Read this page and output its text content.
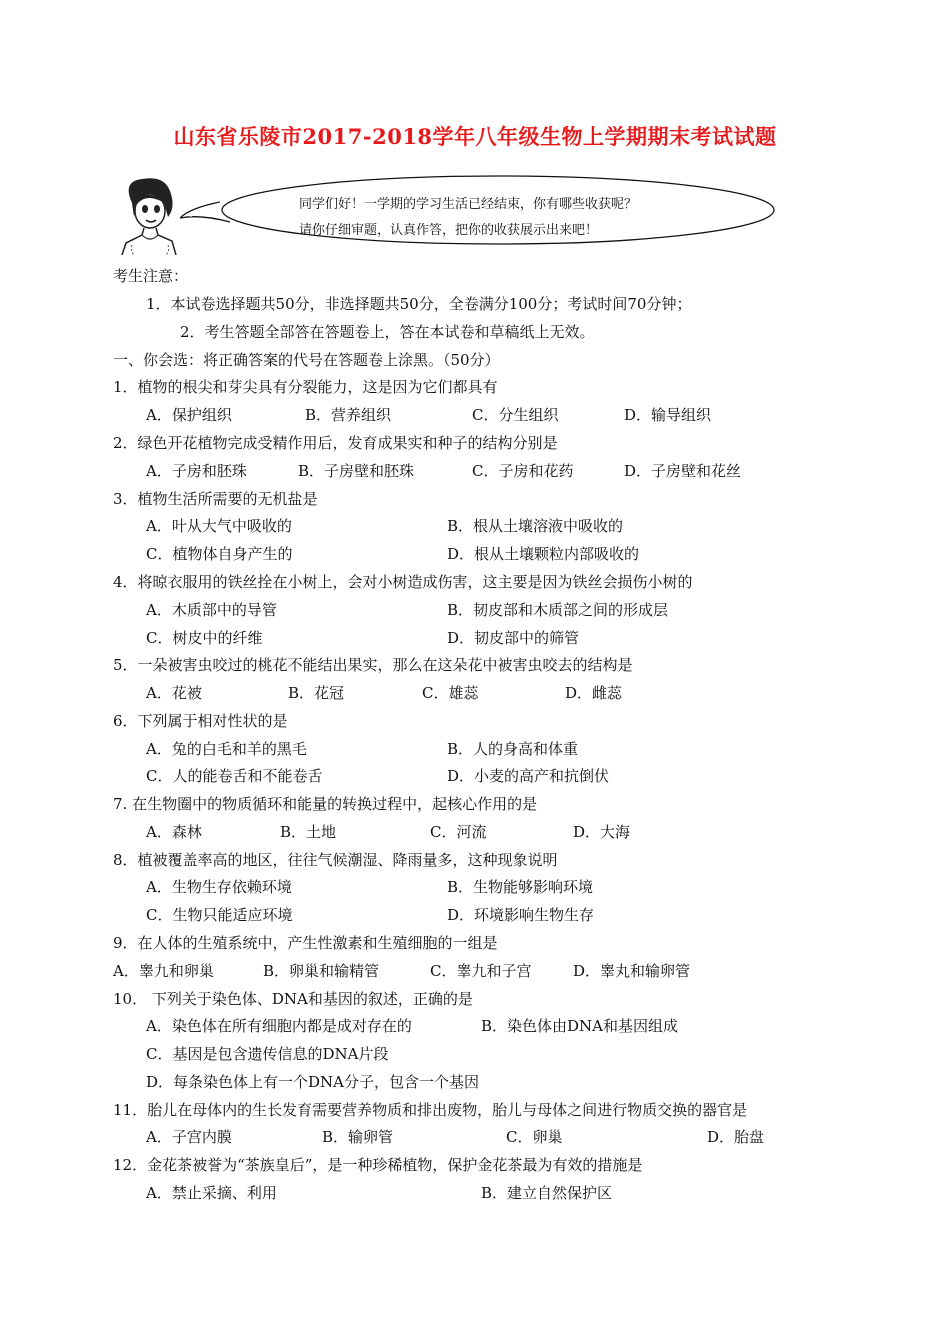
山东省乐陵市2017-2018学年八年级生物上学期期末考试试题
同学们好！一学期的学习生活已经结束，你有哪些收获呢？
请你仔细审题，认真作答，把你的收获展示出来吧！
考生注意：
1．本试卷选择题共50分，非选择题共50分，全卷满分100分；考试时间70分钟；
2．考生答题全部答在答题卷上，答在本试卷和草稿纸上无效。
一、你会选：将正确答案的代号在答题卷上涂黑。（50分）
1．植物的根尖和芽尖具有分裂能力，这是因为它们都具有
A．保护组织	B．营养组织	C．分生组织	D．输导组织
2．绿色开花植物完成受精作用后，发育成果实和种子的结构分别是
A．子房和胚珠	B．子房壁和胚珠	C．子房和花药	D．子房壁和花丝
3．植物生活所需要的无机盐是
A．叶从大气中吸收的	B．根从土壤溶液中吸收的
C．植物体自身产生的	D．根从土壤颗粒内部吸收的
4．将晾衣服用的铁丝拴在小树上，会对小树造成伤害，这主要是因为铁丝会损伤小树的
A．木质部中的导管	B．韧皮部和木质部之间的形成层
C．树皮中的纤维	D．韧皮部中的筛管
5．一朵被害虫咬过的桃花不能结出果实，那么在这朵花中被害虫咬去的结构是
A．花被	B．花冠	C．雄蕊	D．雌蕊
6．下列属于相对性状的是
A．兔的白毛和羊的黑毛	B．人的身高和体重
C．人的能卷舌和不能卷舌	D．小麦的高产和抗倒伏
7. 在生物圈中的物质循环和能量的转换过程中，起核心作用的是
A．森林	B．土地	C．河流	D．大海
8．植被覆盖率高的地区，往往气候潮湿、降雨量多，这种现象说明
A．生物生存依赖环境	B．生物能够影响环境
C．生物只能适应环境	D．环境影响生物生存
9．在人体的生殖系统中，产生性激素和生殖细胞的一组是
A．睾九和卵巢	B．卵巢和输精管	C．睾九和子宫	D．睾丸和输卵管
10． 下列关于染色体、DNA和基因的叙述，正确的是
A．染色体在所有细胞内都是成对存在的	B．染色体由DNA和基因组成
C．基因是包含遗传信息的DNA片段
D．每条染色体上有一个DNA分子，包含一个基因
11．胎儿在母体内的生长发育需要营养物质和排出废物，胎儿与母体之间进行物质交换的器官是
A．子宫内膜	B．输卵管	C．卵巢	D．胎盘
12．金花茶被誉为“茶族皇后”，是一种珍稀植物，保护金花茶最为有效的措施是
A．禁止采摘、利用	B．建立自然保护区
